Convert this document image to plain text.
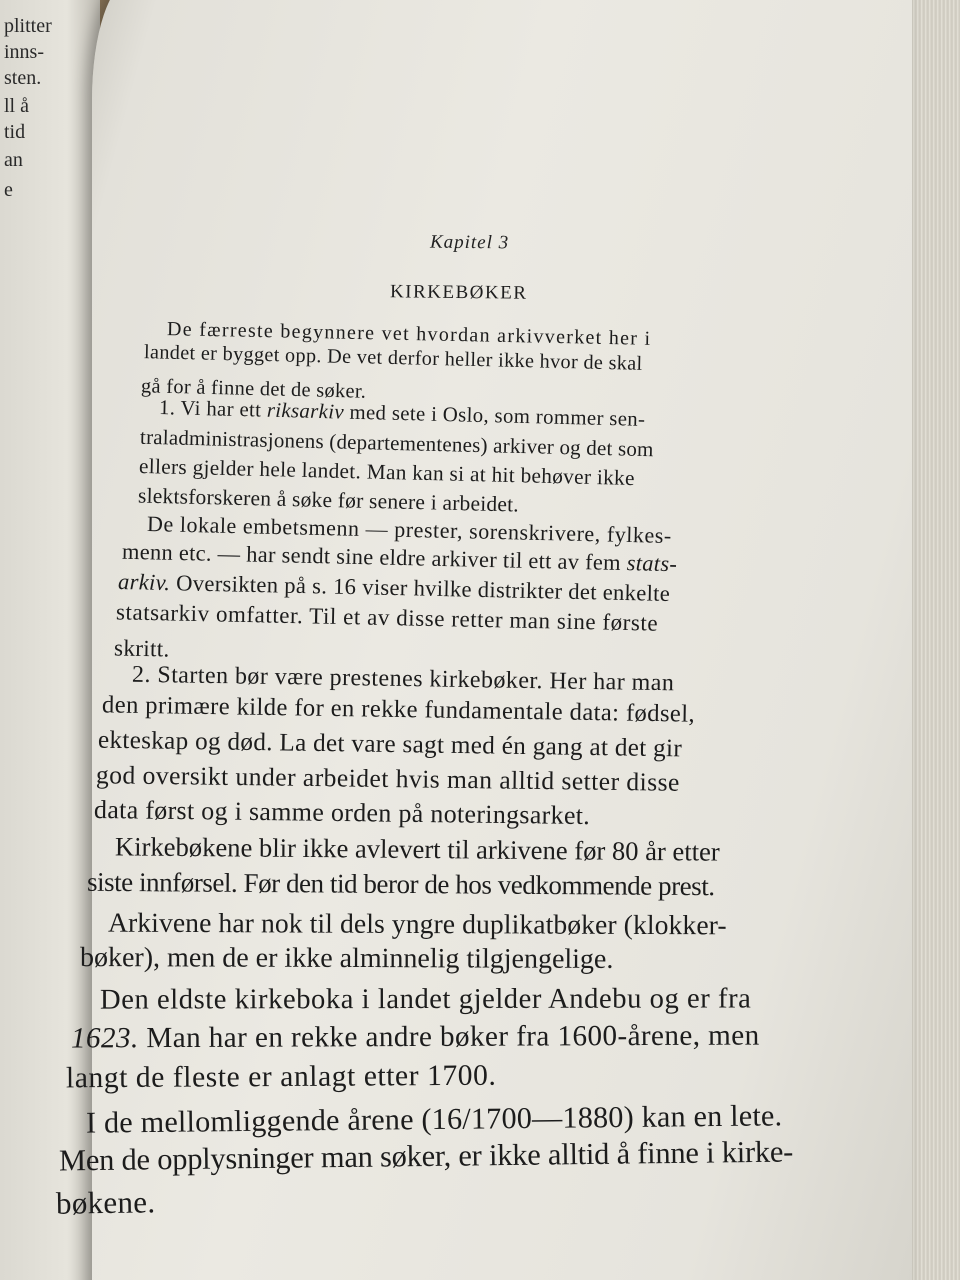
plitter
inns-
sten.
ll å
tid
an
e
Kapitel 3
KIRKEBØKER
De færreste begynnere vet hvordan arkivverket her i
landet er bygget opp. De vet derfor heller ikke hvor de skal
gå for å finne det de søker.
1. Vi har ett riksarkiv med sete i Oslo, som rommer sen-
traladministrasjonens (departementenes) arkiver og det som
ellers gjelder hele landet. Man kan si at hit behøver ikke
slektsforskeren å søke før senere i arbeidet.
De lokale embetsmenn — prester, sorenskrivere, fylkes-
menn etc. — har sendt sine eldre arkiver til ett av fem stats-
arkiv. Oversikten på s. 16 viser hvilke distrikter det enkelte
statsarkiv omfatter. Til et av disse retter man sine første
skritt.
2. Starten bør være prestenes kirkebøker. Her har man
den primære kilde for en rekke fundamentale data: fødsel,
ekteskap og død. La det vare sagt med én gang at det gir
god oversikt under arbeidet hvis man alltid setter disse
data først og i samme orden på noteringsarket.
Kirkebøkene blir ikke avlevert til arkivene før 80 år etter
siste innførsel. Før den tid beror de hos vedkommende prest.
Arkivene har nok til dels yngre duplikatbøker (klokker-
bøker), men de er ikke alminnelig tilgjengelige.
Den eldste kirkeboka i landet gjelder Andebu og er fra
1623. Man har en rekke andre bøker fra 1600-årene, men
langt de fleste er anlagt etter 1700.
I de mellomliggende årene (16/1700—1880) kan en lete.
Men de opplysninger man søker, er ikke alltid å finne i kirke-
bøkene.
